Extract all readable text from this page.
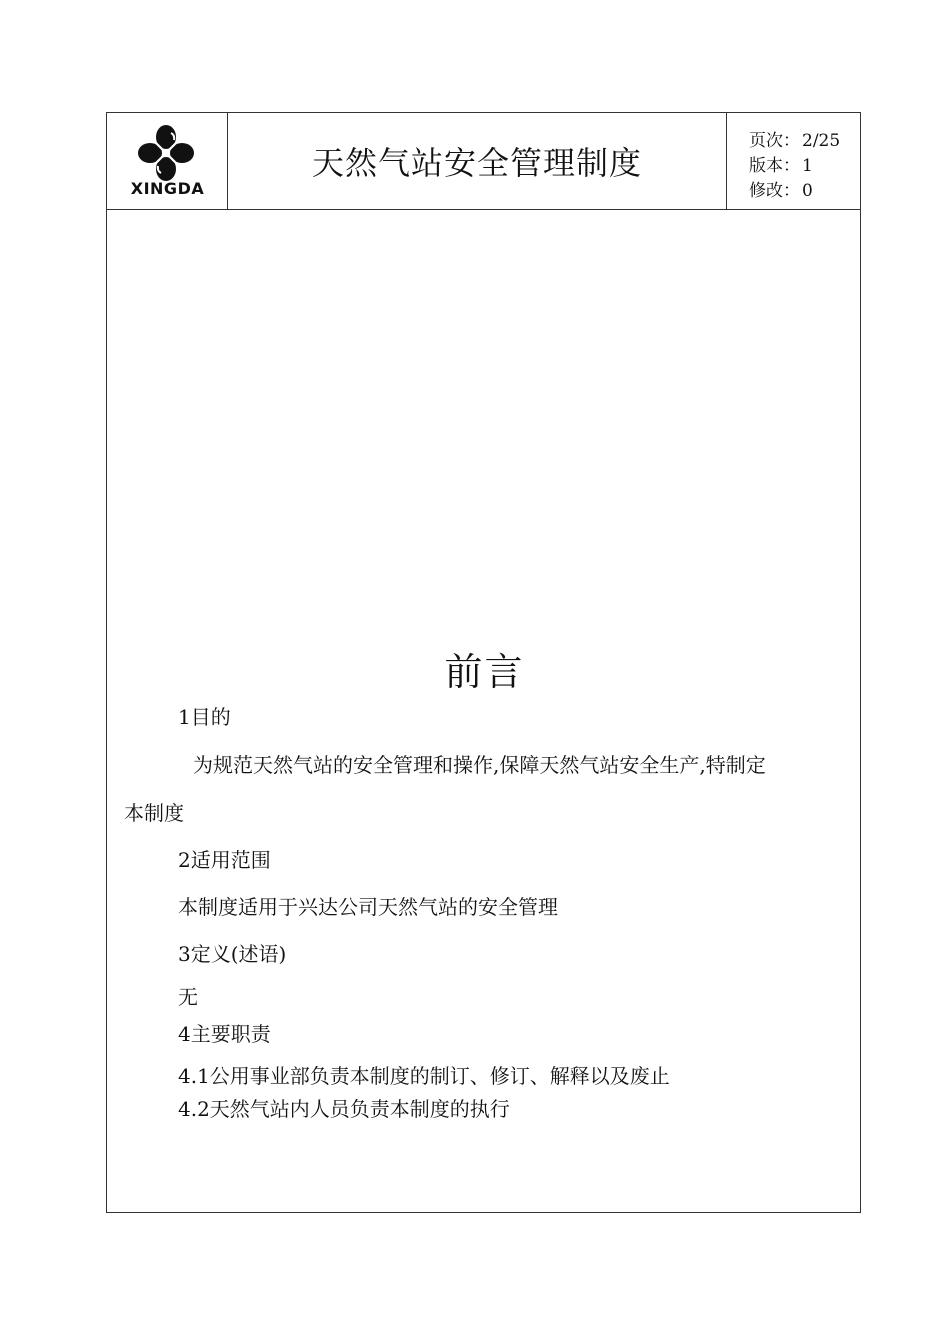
XINGDA
天然气站安全管理制度
页次： 2/25
版本： 1
修改： 0
前言
1目的
为规范天然气站的安全管理和操作,保障天然气站安全生产,特制定
本制度
2适用范围
本制度适用于兴达公司天然气站的安全管理
3定义(述语)
无
4主要职责
4.1公用事业部负责本制度的制订、修订、解释以及废止
4.2天然气站内人员负责本制度的执行
